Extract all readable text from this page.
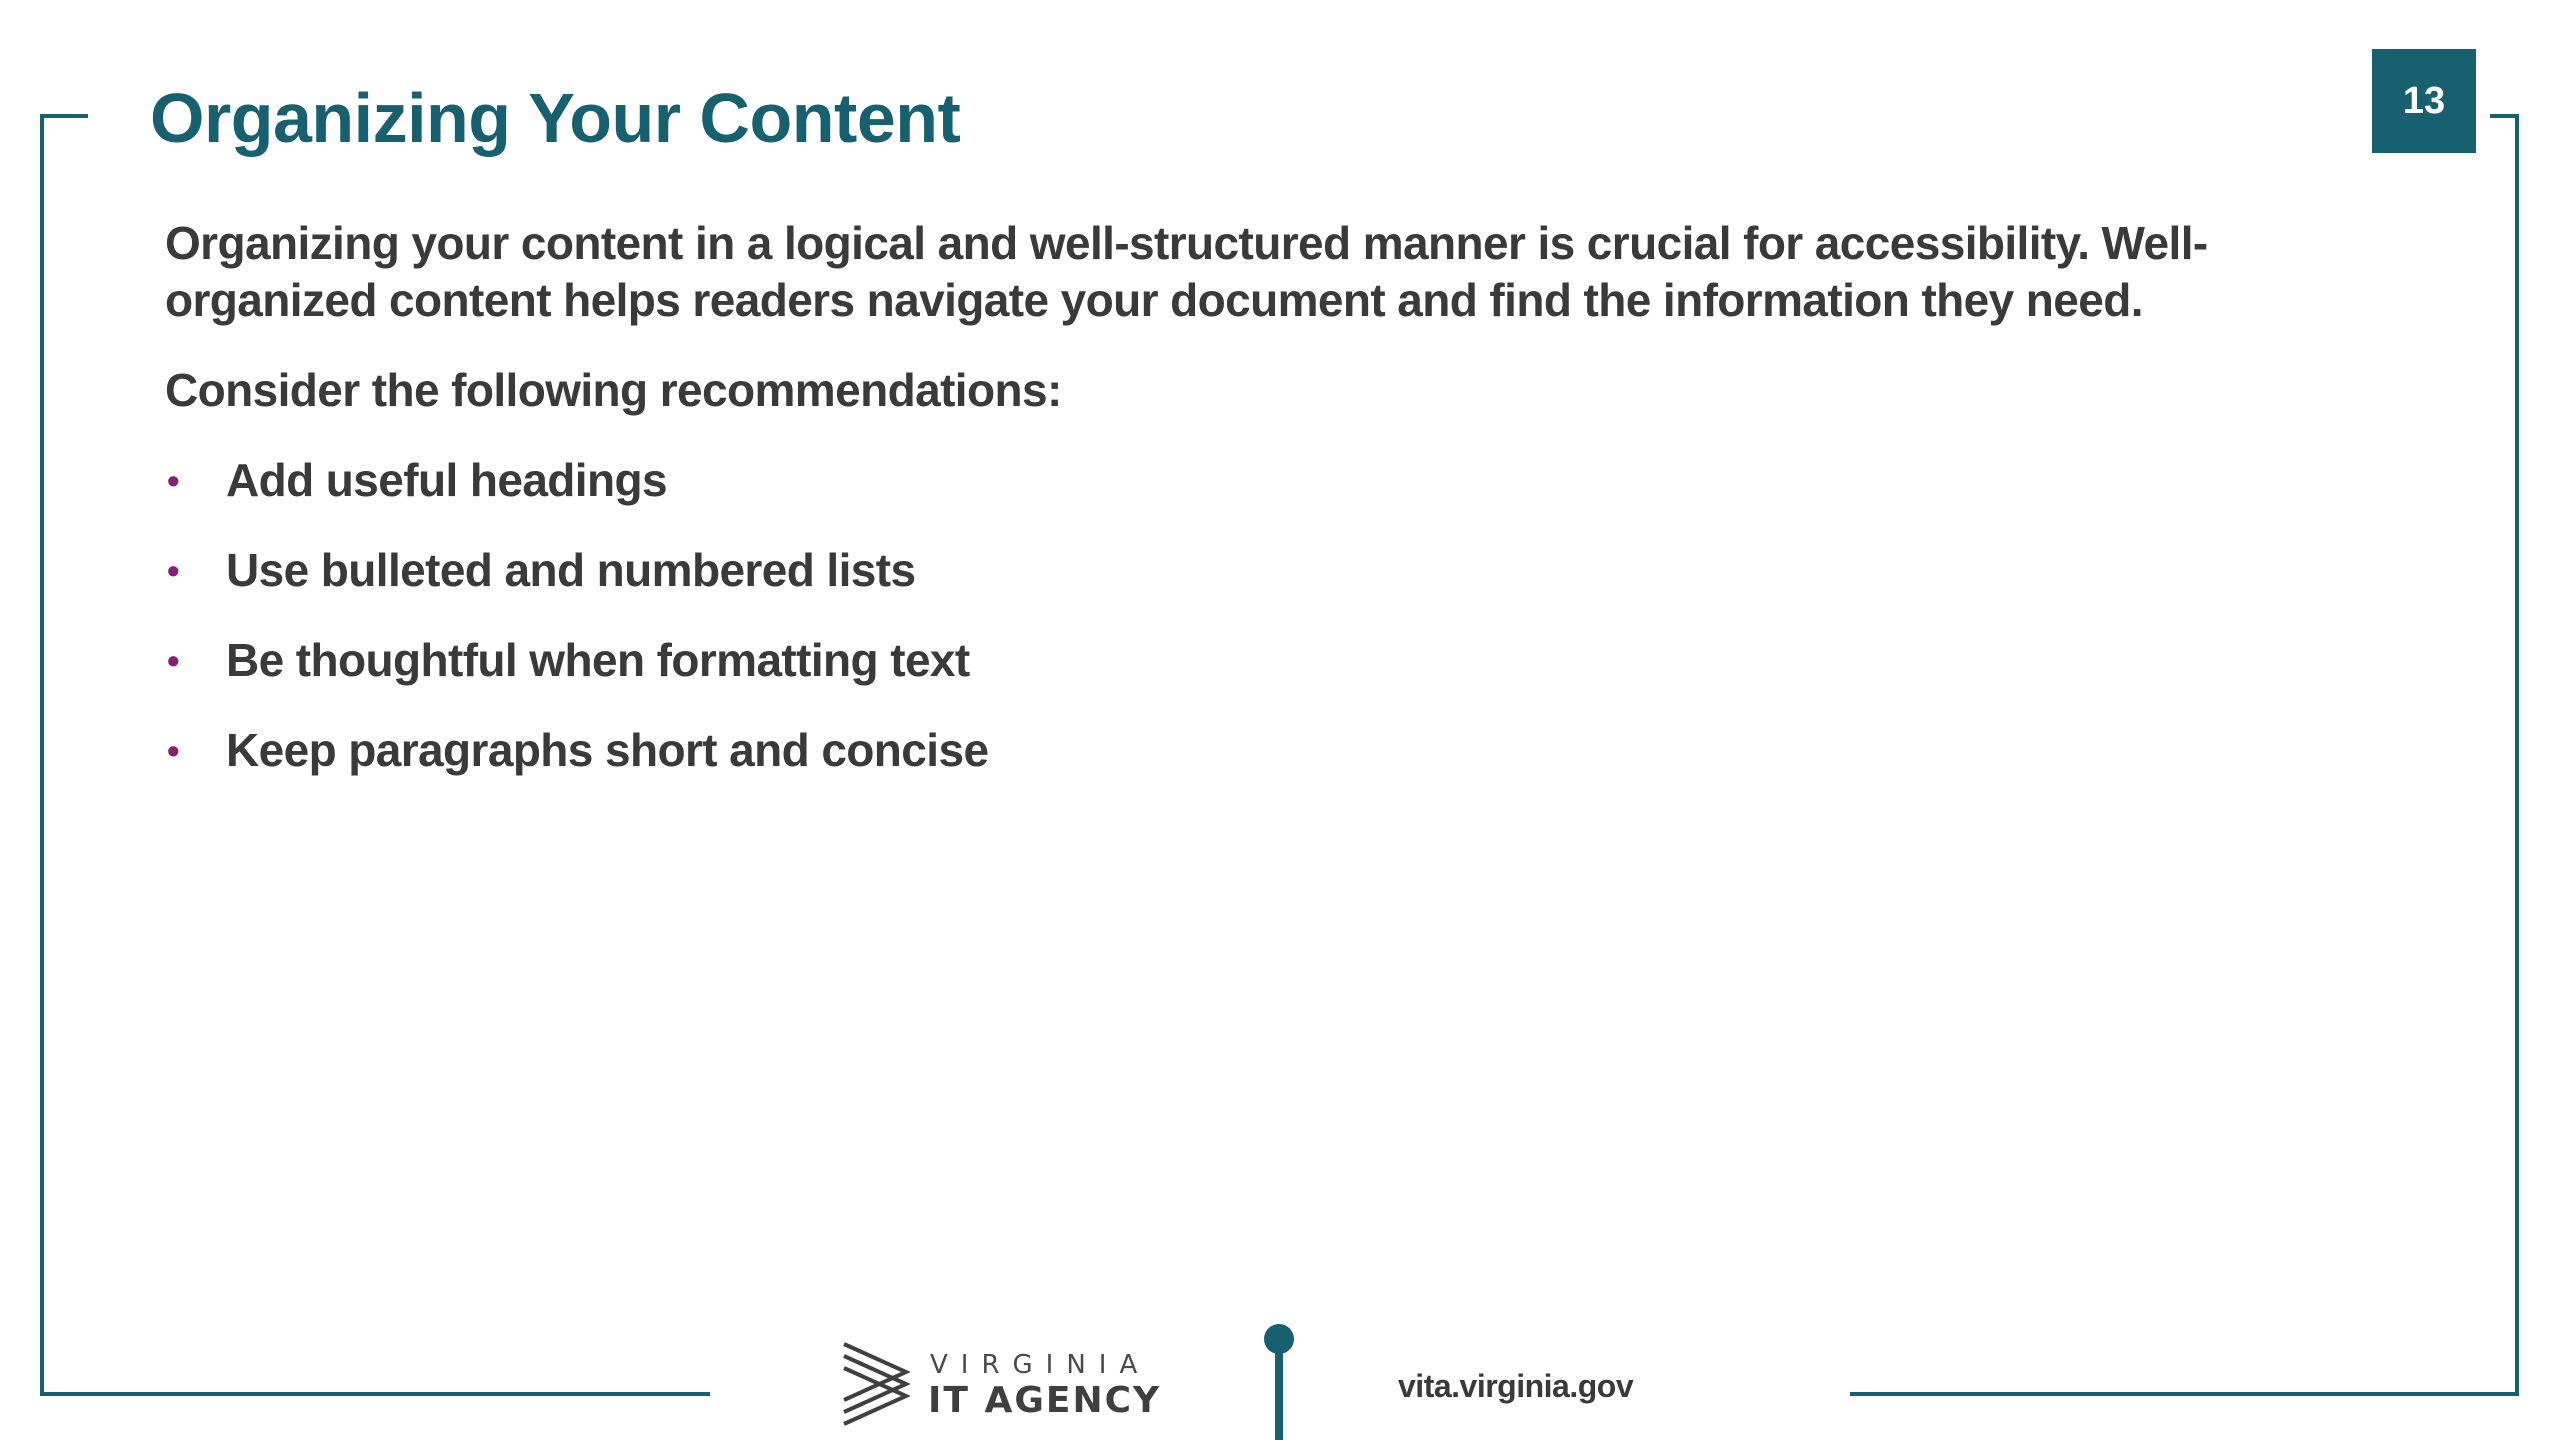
Organizing Your Content	13

Organizing your content in a logical and well-structured manner is crucial for accessibility. Well-organized content helps readers navigate your document and find the information they need.

Consider the following recommendations:

• Add useful headings
• Use bulleted and numbered lists
• Be thoughtful when formatting text
• Keep paragraphs short and concise
VIRGINIA
IT AGENCY	vita.virginia.gov
